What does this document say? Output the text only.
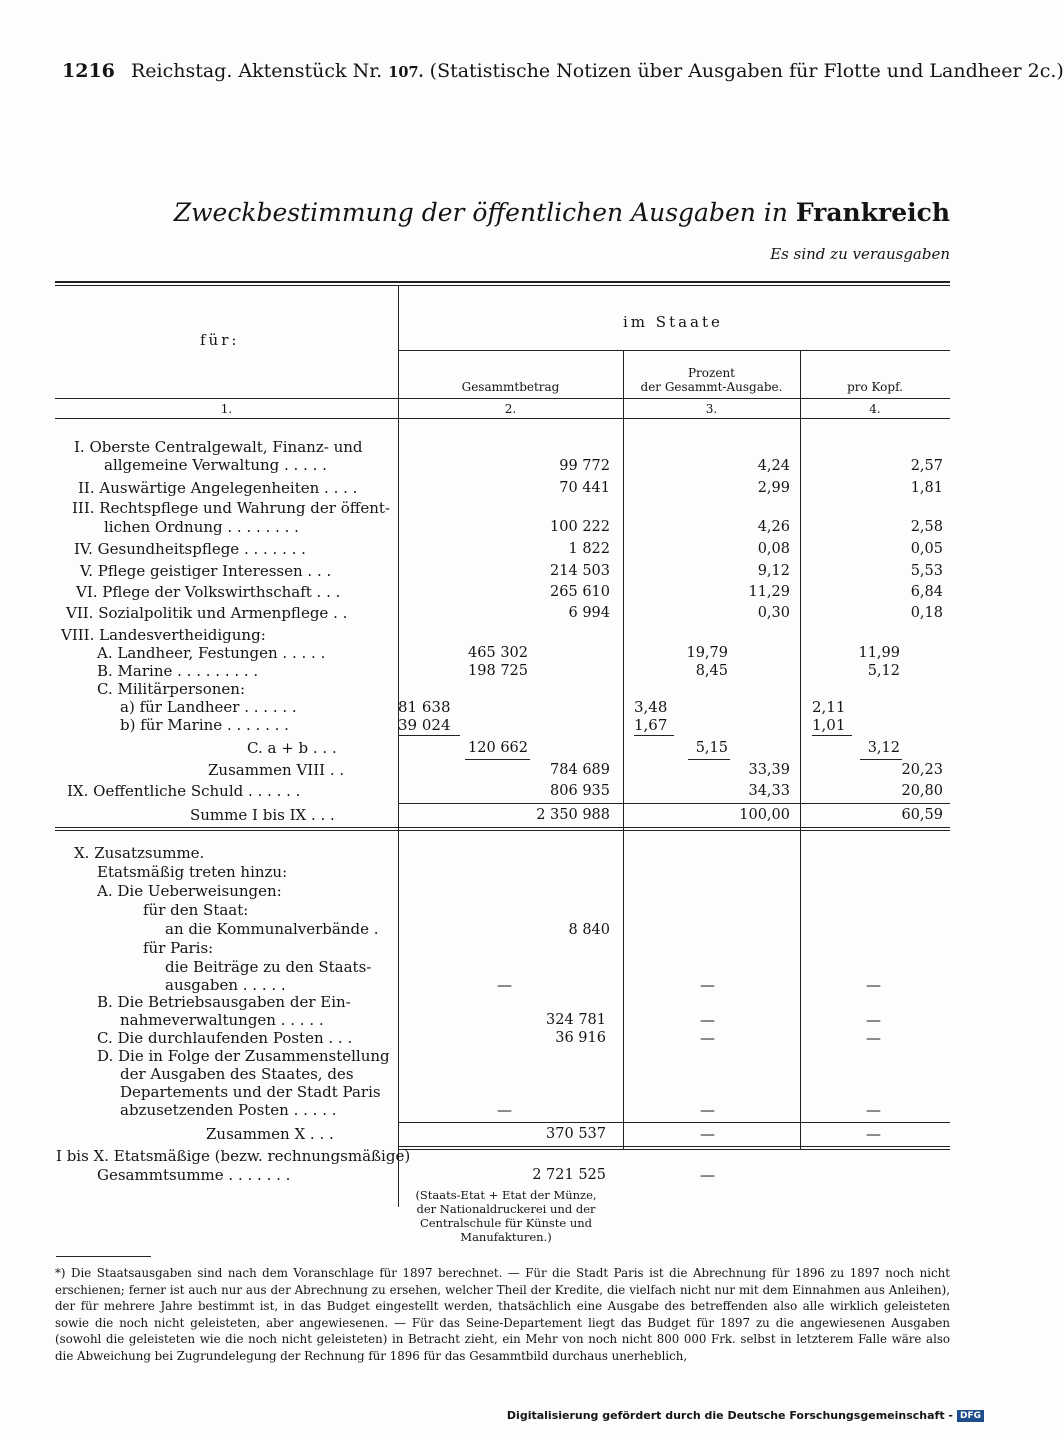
1216 Reichstag. Aktenstück Nr. 107. (Statistische Notizen über Ausgaben für Flotte und Landheer 2c.)
Zweckbestimmung der öffentlichen Ausgaben in Frankreich
Es sind zu verausgaben
für:
im Staate
Gesammtbetrag
Prozent
der Gesammt-Ausgabe.	pro Kopf.
1.	2.	3.	4.
I. Oberste Centralgewalt, Finanz- und
allgemeine Verwaltung . . . . .	99 772	4,24	2,57
II. Auswärtige Angelegenheiten . . . .	70 441	2,99	1,81
III. Rechtspflege und Wahrung der öffent-
lichen Ordnung . . . . . . . .	100 222	4,26	2,58
IV. Gesundheitspflege . . . . . . .	1 822	0,08	0,05
V. Pflege geistiger Interessen . . .	214 503	9,12	5,53
VI. Pflege der Volkswirthschaft . . .	265 610	11,29	6,84
VII. Sozialpolitik und Armenpflege . .	6 994	0,30	0,18
VIII. Landesvertheidigung:
A. Landheer, Festungen . . . . .	465 302	19,79	11,99
B. Marine . . . . . . . . .	198 725	8,45	5,12
C. Militärpersonen:
a) für Landheer . . . . . .	81 638	3,48	2,11
b) für Marine . . . . . . .	39 024	1,67	1,01
C. a + b . . .	120 662	5,15	3,12
Zusammen VIII . .	784 689	33,39	20,23
IX. Oeffentliche Schuld . . . . . .	806 935	34,33	20,80
Summe I bis IX . . .	2 350 988	100,00	60,59
X. Zusatzsumme.
Etatsmäßig treten hinzu:
A. Die Ueberweisungen:
für den Staat:
an die Kommunalverbände .	8 840
für Paris:
die Beiträge zu den Staats-
ausgaben . . . . .	—	—	—
B. Die Betriebsausgaben der Ein-
nahmeverwaltungen . . . . .	324 781	—	—
C. Die durchlaufenden Posten . . .	36 916	—	—
D. Die in Folge der Zusammenstellung
der Ausgaben des Staates, des
Departements und der Stadt Paris
abzusetzenden Posten . . . . .	—	—	—
Zusammen X . . .	370 537	—	—
I bis X. Etatsmäßige (bezw. rechnungsmäßige)
Gesammtsumme . . . . . . .	2 721 525	—
(Staats-Etat + Etat der Münze,
der Nationaldruckerei und der
Centralschule für Künste und
Manufakturen.)
*) Die Staatsausgaben sind nach dem Voranschlage für 1897 berechnet. — Für die Stadt Paris ist die Abrechnung für 1896 zu 1897 noch nicht erschienen; ferner ist auch nur aus der Abrechnung zu ersehen, welcher Theil der Kredite, die vielfach nicht nur mit dem Einnahmen aus Anleihen), der für mehrere Jahre bestimmt ist, in das Budget eingestellt werden, thatsächlich eine Ausgabe des betreffenden also alle wirklich geleisteten sowie die noch nicht geleisteten, aber angewiesenen. — Für das Seine-Departement liegt das Budget für 1897 zu die angewiesenen Ausgaben (sowohl die geleisteten wie die noch nicht geleisteten) in Betracht zieht, ein Mehr von noch nicht 800 000 Frk. selbst in letzterem Falle wäre also die Abweichung bei Zugrundelegung der Rechnung für 1896 für das Gesammtbild durchaus unerheblich,
Digitalisierung gefördert durch die Deutsche Forschungsgemeinschaft - DFG
